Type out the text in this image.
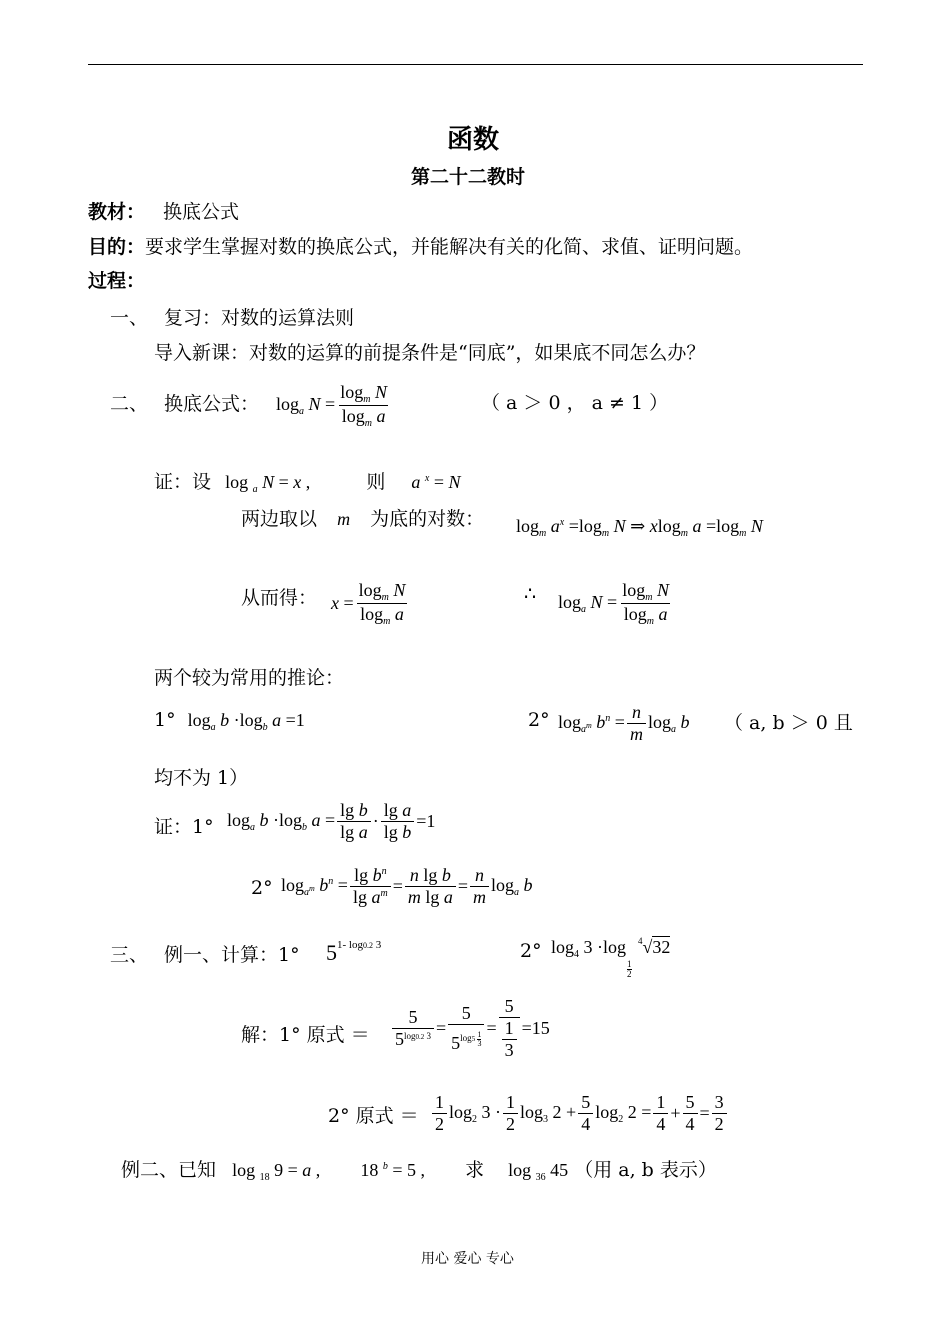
函数
第二十二教时
教材： 换底公式
目的：要求学生掌握对数的换底公式，并能解决有关的化简、求值、证明问题。
过程：
一、 复习：对数的运算法则
导入新课：对数的运算的前提条件是“同底”，如果底不同怎么办？
二、 换底公式： $\log_a N = \frac{\log_m N}{\log_m a}$	（ a ＞ 0 ， a ≠ 1 ）
证：设 log $_a$ N = x ,	则 a $^x$ = N
两边取以 m 为底的对数： $\log_m a^x =\log_m$ N ⇒ xlog$_m$ $a =\log_m$ N
从而得： $x = \frac{\log_m N}{\log_m a}$	∴ $\log_a N = \frac{\log_m N}{\log_m a}$
两个较为常用的推论：
1° $\log_a b \cdot\log_b$ a =1	2° $\log_{a^m} b^n = \frac{n}{m} \log_a b$ （ a, b ＞ 0 且
均不为 1）
证：1° $\log_a b \cdot\log_b$ $a = \frac{\text{lg b}}{\text{lg a}} \cdot \frac{\text{lg a}}{\text{lg b}} =1$
2° $\log_{a^m} b^n = \frac{\lg b^n}{\lg a^m} = \frac{\text{n lg b}}{\text{m lg a}} = \frac{n}{m} \log_a b$
三、 例一、计算：1° 5 1- log0.2 3	2° $\log_4 3 \cdot\log$
$\frac{1}{2}$
$^4$√32
解：1° 原式 ＝ $\frac{5}{5^{log0.2 3}} = 5$
$5^{log5 \frac{1}{3}} = \frac{5}{\frac{1}{3}} =15$
2° 原式 ＝ $\frac{1}{2} \log_2 3 \cdot \frac{1}{2} \log_3 2 + \frac{5}{4} \log_2 2 = \frac{1}{4} + \frac{5}{4} = \frac{3}{2}$
例二、已知 log $_{18}$ 9 = a , 18 $^b$ = 5 , 求 log $_{36}$ 45 （用 a, b 表示）
用心 爱心 专心
